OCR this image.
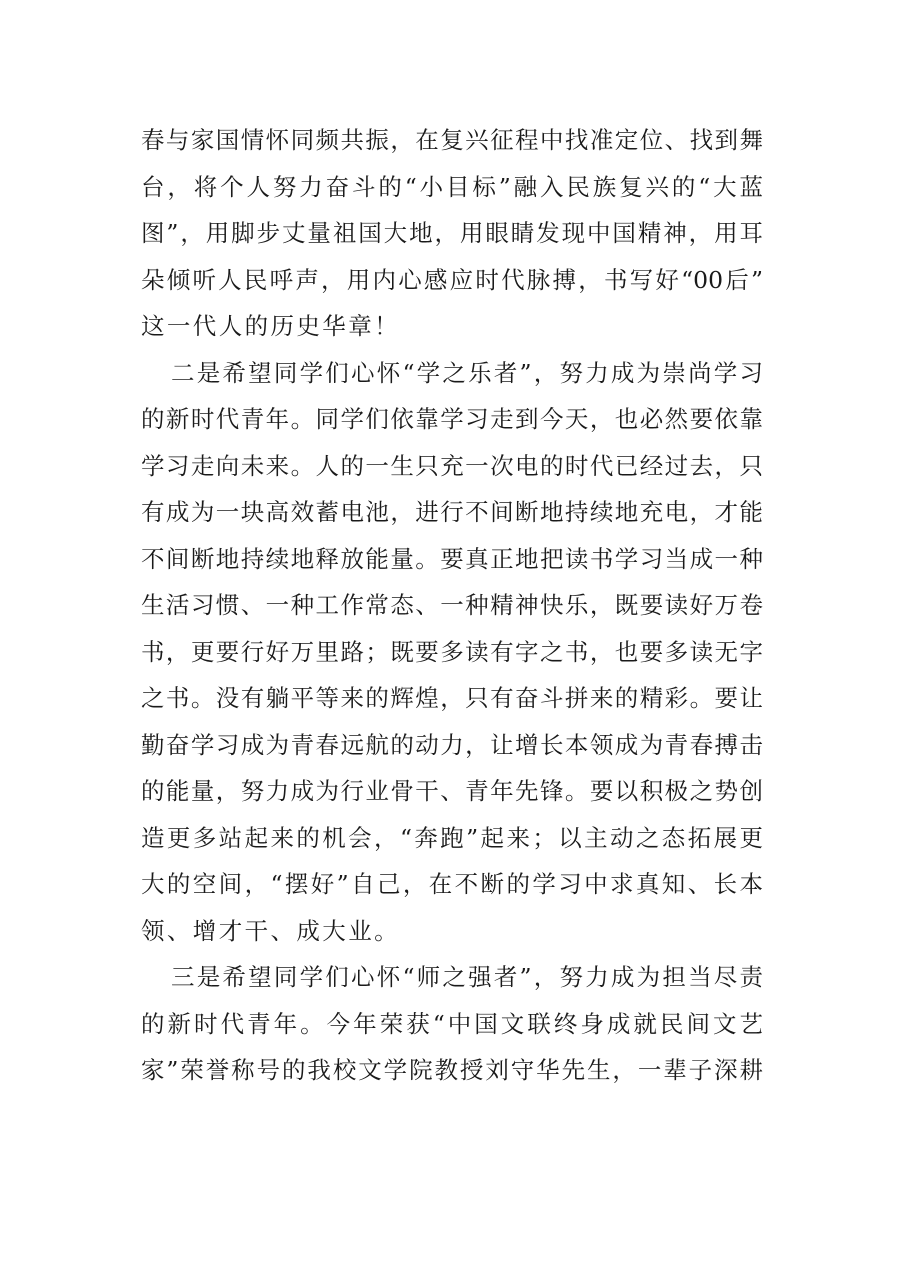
春与家国情怀同频共振，在复兴征程中找准定位、找到舞
台，将个人努力奋斗的“小目标”融入民族复兴的“大蓝
图”，用脚步丈量祖国大地，用眼睛发现中国精神，用耳
朵倾听人民呼声，用内心感应时代脉搏，书写好“00后”
这一代人的历史华章！
二是希望同学们心怀“学之乐者”，努力成为崇尚学习
的新时代青年。同学们依靠学习走到今天，也必然要依靠
学习走向未来。人的一生只充一次电的时代已经过去，只
有成为一块高效蓄电池，进行不间断地持续地充电，才能
不间断地持续地释放能量。要真正地把读书学习当成一种
生活习惯、一种工作常态、一种精神快乐，既要读好万卷
书，更要行好万里路；既要多读有字之书，也要多读无字
之书。没有躺平等来的辉煌，只有奋斗拼来的精彩。要让
勤奋学习成为青春远航的动力，让增长本领成为青春搏击
的能量，努力成为行业骨干、青年先锋。要以积极之势创
造更多站起来的机会，“奔跑”起来；以主动之态拓展更
大的空间，“摆好”自己，在不断的学习中求真知、长本
领、增才干、成大业。
三是希望同学们心怀“师之强者”，努力成为担当尽责
的新时代青年。今年荣获“中国文联终身成就民间文艺
家”荣誉称号的我校文学院教授刘守华先生，一辈子深耕
